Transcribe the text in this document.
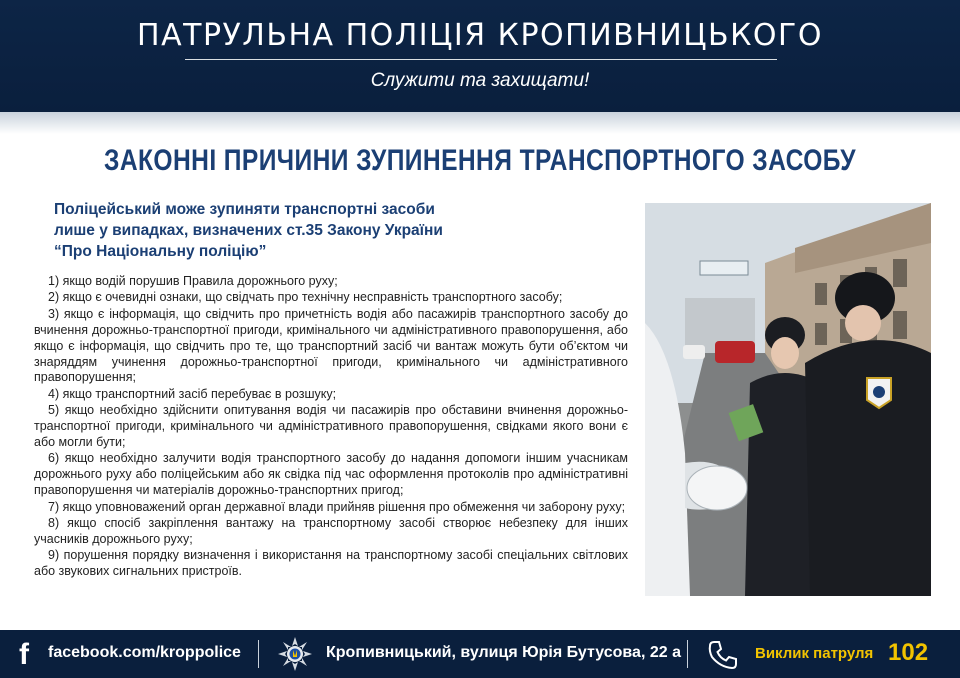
ПАТРУЛЬНА ПОЛІЦІЯ КРОПИВНИЦЬКОГО
Служити та захищати!
ЗАКОННІ ПРИЧИНИ ЗУПИНЕННЯ ТРАНСПОРТНОГО ЗАСОБУ
Поліцейський може зупиняти транспортні засоби
лише у випадках, визначених ст.35 Закону України
“Про Національну поліцію”

1) якщо водій порушив Правила дорожнього руху;

2) якщо є очевидні ознаки, що свідчать про технічну несправність транспортного засобу;

3) якщо є інформація, що свідчить про причетність водія або пасажирів транспортного засобу до вчинення дорожньо-транспортної пригоди, кримінального чи адміністративного правопорушення, або якщо є інформація, що свідчить про те, що транспортний засіб чи вантаж можуть бути об’єктом чи знаряддям учинення дорожньо-транспортної пригоди, кримінального чи адміністративного правопорушення;

4) якщо транспортний засіб перебуває в розшуку;

5) якщо необхідно здійснити опитування водія чи пасажирів про обставини вчинення дорожньо-транспортної пригоди, кримінального чи адміністративного правопорушення, свідками якого вони є або могли бути;

6) якщо необхідно залучити водія транспортного засобу до надання допомоги іншим учасникам дорожнього руху або поліцейським або як свідка під час оформлення протоколів про адміністративні правопорушення чи матеріалів дорожньо-транспортних пригод;

7) якщо уповноважений орган державної влади прийняв рішення про обмеження чи заборону руху;

8) якщо спосіб закріплення вантажу на транспортному засобі створює небезпеку для інших учасників дорожнього руху;

9) порушення порядку визначення і використання на транспортному засобі спеціальних світлових або звукових сигнальних пристроїв.

f	facebook.com/kroppolice	Кропивницький, вулиця Юрія Бутусова, 22 а	Виклик патруля 102
